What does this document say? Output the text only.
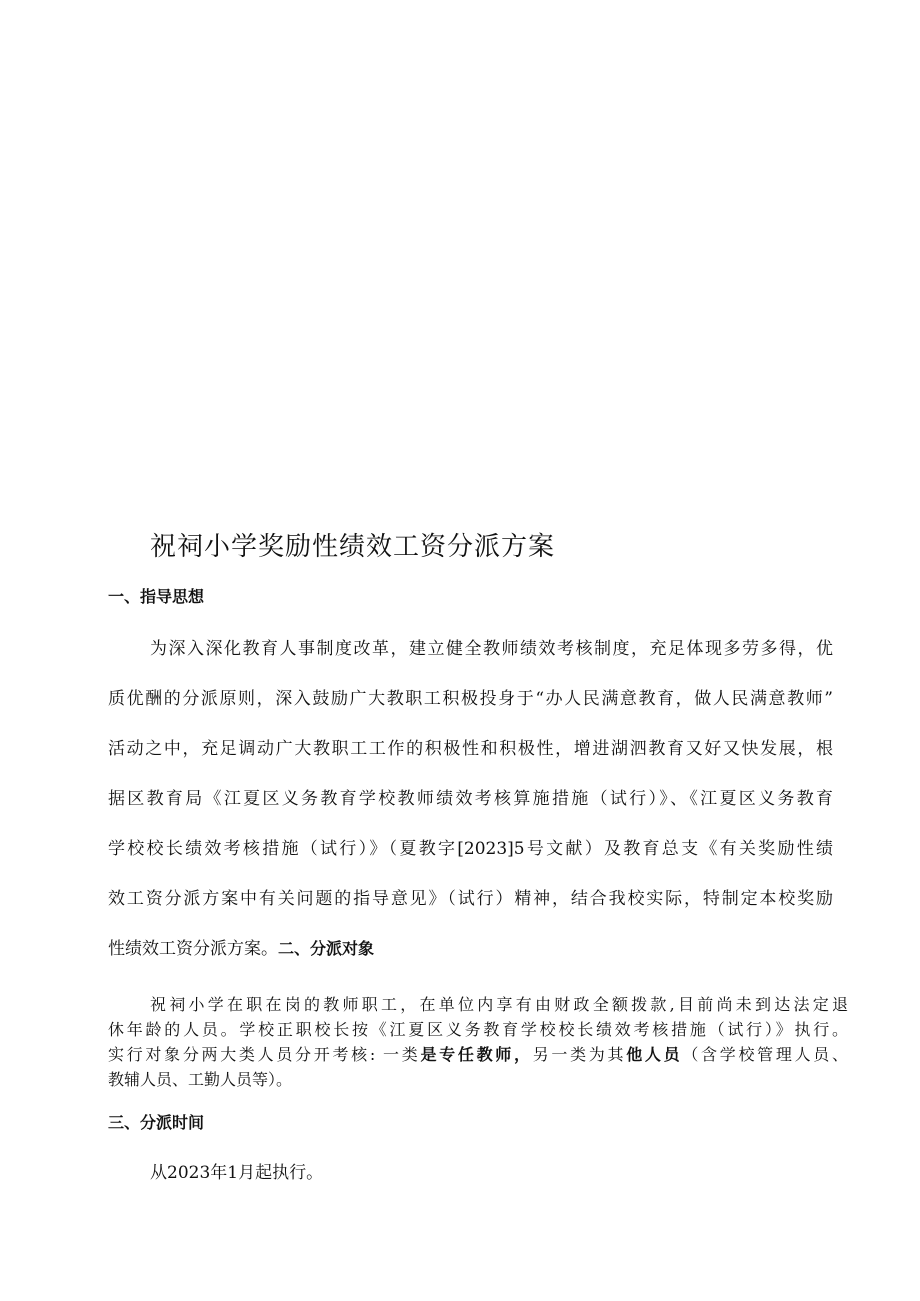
祝祠小学奖励性绩效工资分派方案
一、指导思想
为深入深化教育人事制度改革，建立健全教师绩效考核制度，充足体现多劳多得，优
质优酬的分派原则，深入鼓励广大教职工积极投身于“办人民满意教育，做人民满意教师”
活动之中，充足调动广大教职工工作的积极性和积极性，增进湖泗教育又好又快发展，根
据区教育局《江夏区义务教育学校教师绩效考核算施措施（试行）》、《江夏区义务教育
学校校长绩效考核措施（试行）》（夏教字[2023]5号文献）及教育总支《有关奖励性绩
效工资分派方案中有关问题的指导意见》（试行）精神，结合我校实际，特制定本校奖励
性绩效工资分派方案。二、分派对象
祝祠小学在职在岗的教师职工，在单位内享有由财政全额拨款,目前尚未到达法定退
休年龄的人员。学校正职校长按《江夏区义务教育学校校长绩效考核措施（试行）》执行。
实行对象分两大类人员分开考核: 一类是专任教师，另一类为其他人员（含学校管理人员、
教辅人员、工勤人员等）。
三、分派时间
从2023年1月起执行。
